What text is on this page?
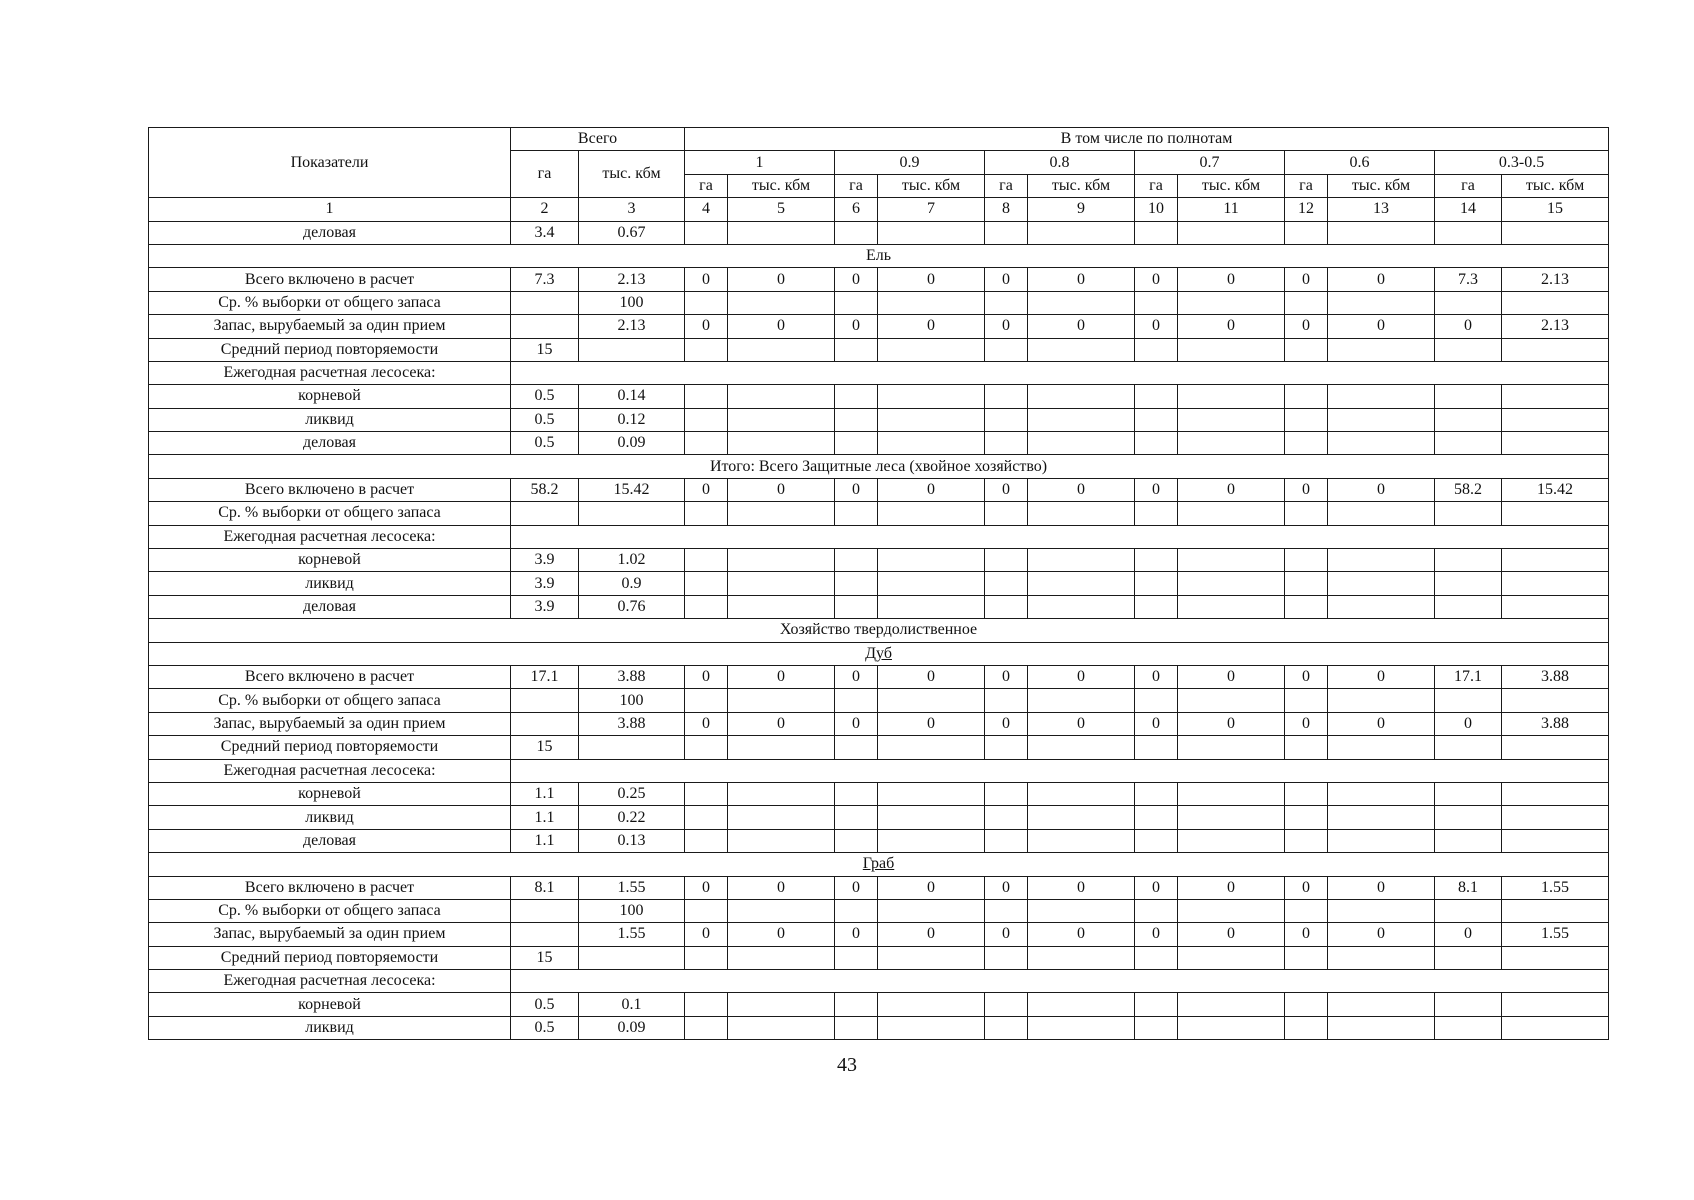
Показатели	Всего		В том числе по полнотам											
	га	тыс. кбм	1		0.9		0.8		0.7		0.6		0.3-0.5	
			га	тыс. кбм	га	тыс. кбм	га	тыс. кбм	га	тыс. кбм	га	тыс. кбм	га	тыс. кбм
1	2	3	4	5	6	7	8	9	10	11	12	13	14	15
деловая	3.4	0.67												
Ель														
Всего включено в расчет	7.3	2.13	0	0	0	0	0	0	0	0	0	0	7.3	2.13
Ср. % выборки от общего запаса		100												
Запас, вырубаемый за один прием		2.13	0	0	0	0	0	0	0	0	0	0	0	2.13
Средний период повторяемости	15													
Ежегодная расчетная лесосека:														
корневой	0.5	0.14												
ликвид	0.5	0.12												
деловая	0.5	0.09												
Итого: Всего Защитные леса (хвойное хозяйство)														
Всего включено в расчет	58.2	15.42	0	0	0	0	0	0	0	0	0	0	58.2	15.42
Ср. % выборки от общего запаса														
Ежегодная расчетная лесосека:														
корневой	3.9	1.02												
ликвид	3.9	0.9												
деловая	3.9	0.76												
Хозяйство твердолиственное														
Дуб														
Всего включено в расчет	17.1	3.88	0	0	0	0	0	0	0	0	0	0	17.1	3.88
Ср. % выборки от общего запаса		100												
Запас, вырубаемый за один прием		3.88	0	0	0	0	0	0	0	0	0	0	0	3.88
Средний период повторяемости	15													
Ежегодная расчетная лесосека:														
корневой	1.1	0.25												
ликвид	1.1	0.22												
деловая	1.1	0.13												
Граб														
Всего включено в расчет	8.1	1.55	0	0	0	0	0	0	0	0	0	0	8.1	1.55
Ср. % выборки от общего запаса		100												
Запас, вырубаемый за один прием		1.55	0	0	0	0	0	0	0	0	0	0	0	1.55
Средний период повторяемости	15													
Ежегодная расчетная лесосека:														
корневой	0.5	0.1												
ликвид	0.5	0.09												
43
